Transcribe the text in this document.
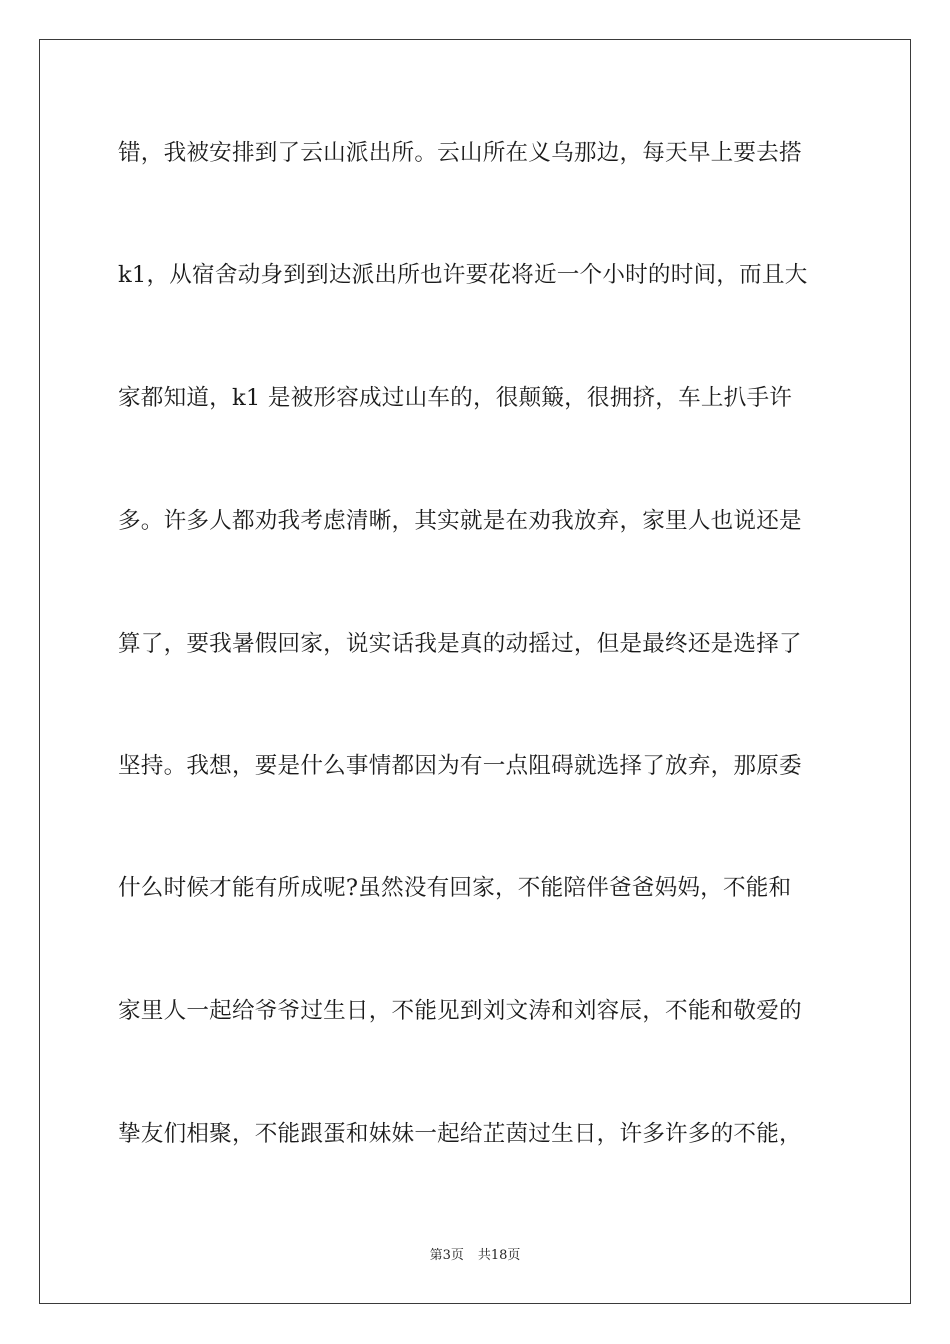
错，我被安排到了云山派出所。云山所在义乌那边，每天早上要去搭
k1，从宿舍动身到到达派出所也许要花将近一个小时的时间，而且大
家都知道，k1 是被形容成过山车的，很颠簸，很拥挤，车上扒手许
多。许多人都劝我考虑清晰，其实就是在劝我放弃，家里人也说还是
算了，要我暑假回家，说实话我是真的动摇过，但是最终还是选择了
坚持。我想，要是什么事情都因为有一点阻碍就选择了放弃，那原委
什么时候才能有所成呢?虽然没有回家，不能陪伴爸爸妈妈，不能和
家里人一起给爷爷过生日，不能见到刘文涛和刘容辰，不能和敬爱的
挚友们相聚，不能跟蛋和妹妹一起给芷茵过生日，许多许多的不能，
第3页 共18页
